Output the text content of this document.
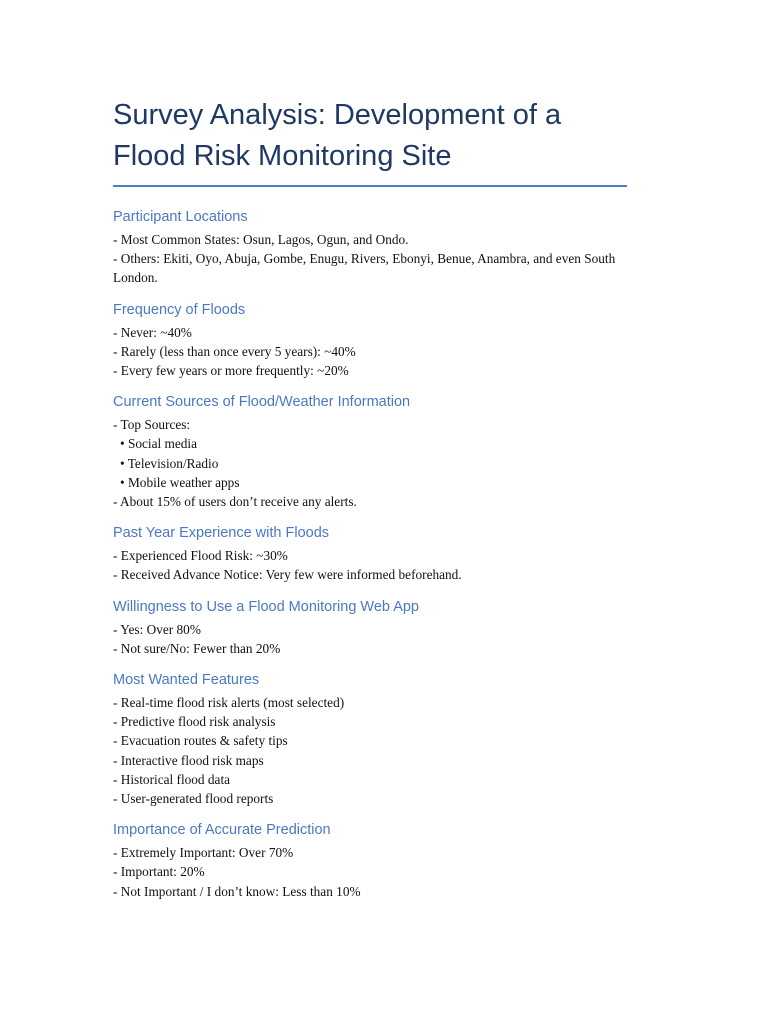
Survey Analysis: Development of a Flood Risk Monitoring Site
Participant Locations
- Most Common States: Osun, Lagos, Ogun, and Ondo.
- Others: Ekiti, Oyo, Abuja, Gombe, Enugu, Rivers, Ebonyi, Benue, Anambra, and even South London.
Frequency of Floods
- Never: ~40%
- Rarely (less than once every 5 years): ~40%
- Every few years or more frequently: ~20%
Current Sources of Flood/Weather Information
- Top Sources:
• Social media
• Television/Radio
• Mobile weather apps
- About 15% of users don’t receive any alerts.
Past Year Experience with Floods
- Experienced Flood Risk: ~30%
- Received Advance Notice: Very few were informed beforehand.
Willingness to Use a Flood Monitoring Web App
- Yes: Over 80%
- Not sure/No: Fewer than 20%
Most Wanted Features
- Real-time flood risk alerts (most selected)
- Predictive flood risk analysis
- Evacuation routes & safety tips
- Interactive flood risk maps
- Historical flood data
- User-generated flood reports
Importance of Accurate Prediction
- Extremely Important: Over 70%
- Important: 20%
- Not Important / I don’t know: Less than 10%
